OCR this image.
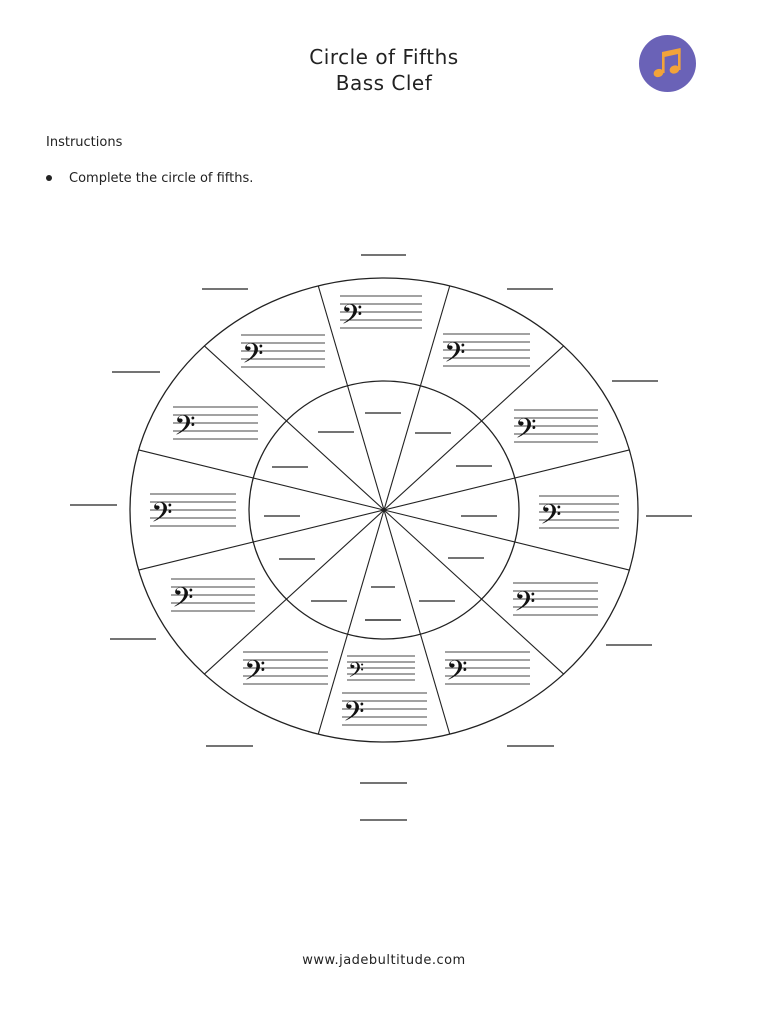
Circle of Fifths
Bass Clef
Instructions
Complete the circle of fifths.
𝄢
𝄢
𝄢
𝄢
𝄢
𝄢
𝄢
𝄢
𝄢
𝄢
𝄢
𝄢
𝄢
www.jadebultitude.com
